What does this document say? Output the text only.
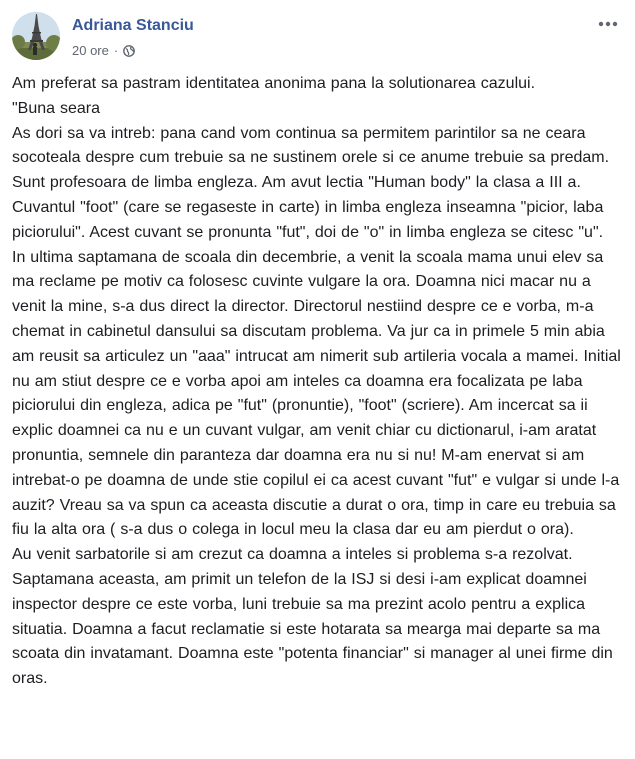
Adriana Stanciu
20 ore ·

Am preferat sa pastram identitatea anonima pana la solutionarea cazului.

"Buna seara

As dori sa va intreb: pana cand vom continua sa permitem parintilor sa ne ceara socoteala despre cum trebuie sa ne sustinem orele si ce anume trebuie sa predam.

Sunt profesoara de limba engleza. Am avut lectia "Human body" la clasa a III a. Cuvantul "foot" (care se regaseste in carte) in limba engleza inseamna "picior, laba piciorului". Acest cuvant se pronunta "fut", doi de "o" in limba engleza se citesc "u".

In ultima saptamana de scoala din decembrie, a venit la scoala mama unui elev sa ma reclame pe motiv ca folosesc cuvinte vulgare la ora. Doamna nici macar nu a venit la mine, s-a dus direct la director. Directorul nestiind despre ce e vorba, m-a chemat in cabinetul dansului sa discutam problema. Va jur ca in primele 5 min abia am reusit sa articulez un "aaa" intrucat am nimerit sub artileria vocala a mamei. Initial nu am stiut despre ce e vorba apoi am inteles ca doamna era focalizata pe laba piciorului din engleza, adica pe "fut" (pronuntie), "foot" (scriere). Am incercat sa ii explic doamnei ca nu e un cuvant vulgar, am venit chiar cu dictionarul, i-am aratat pronuntia, semnele din paranteza dar doamna era nu si nu! M-am enervat si am intrebat-o pe doamna de unde stie copilul ei ca acest cuvant "fut" e vulgar si unde l-a auzit? Vreau sa va spun ca aceasta discutie a durat o ora, timp in care eu trebuia sa fiu la alta ora ( s-a dus o colega in locul meu la clasa dar eu am pierdut o ora).

Au venit sarbatorile si am crezut ca doamna a inteles si problema s-a rezolvat. Saptamana aceasta, am primit un telefon de la ISJ si desi i-am explicat doamnei inspector despre ce este vorba, luni trebuie sa ma prezint acolo pentru a explica situatia. Doamna a facut reclamatie si este hotarata sa mearga mai departe sa ma scoata din invatamant. Doamna este "potenta financiar" si manager al unei firme din oras.
